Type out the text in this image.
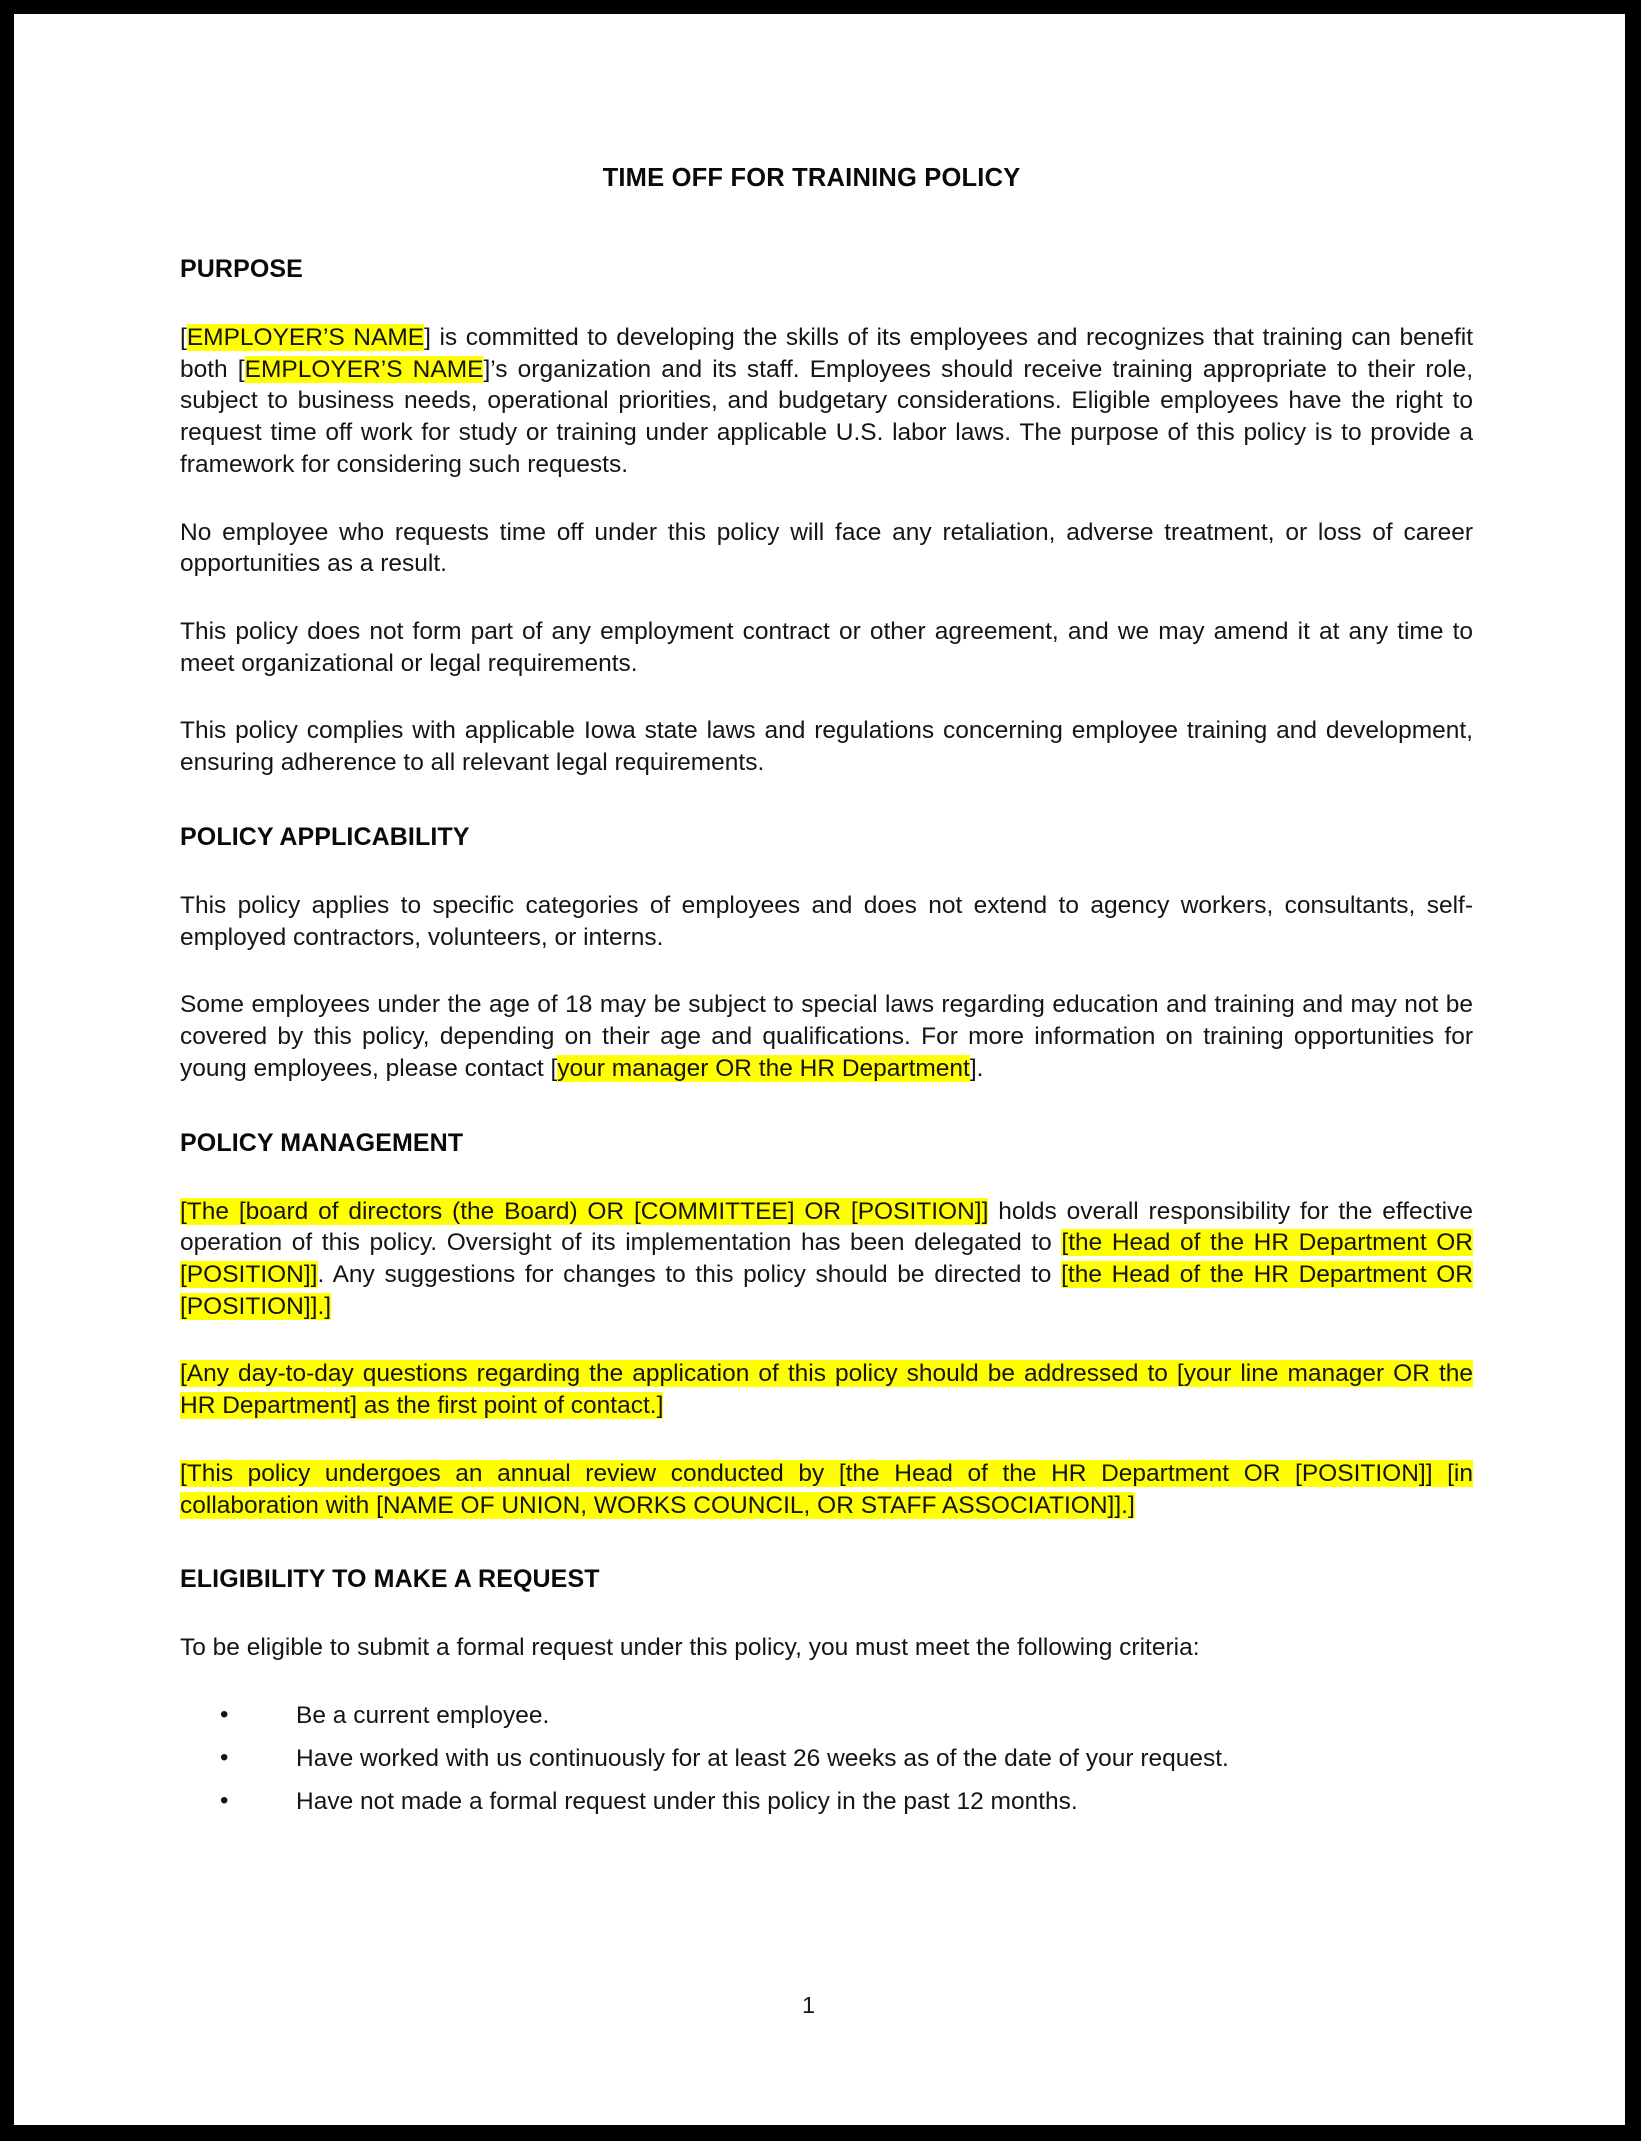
TIME OFF FOR TRAINING POLICY
PURPOSE

[EMPLOYER’S NAME] is committed to developing the skills of its employees and recognizes that training can benefit both [EMPLOYER’S NAME]’s organization and its staff. Employees should receive training appropriate to their role, subject to business needs, operational priorities, and budgetary considerations. Eligible employees have the right to request time off work for study or training under applicable U.S. labor laws. The purpose of this policy is to provide a framework for considering such requests.

No employee who requests time off under this policy will face any retaliation, adverse treatment, or loss of career opportunities as a result.

This policy does not form part of any employment contract or other agreement, and we may amend it at any time to meet organizational or legal requirements.

This policy complies with applicable Iowa state laws and regulations concerning employee training and development, ensuring adherence to all relevant legal requirements.

POLICY APPLICABILITY

This policy applies to specific categories of employees and does not extend to agency workers, consultants, self-employed contractors, volunteers, or interns.

Some employees under the age of 18 may be subject to special laws regarding education and training and may not be covered by this policy, depending on their age and qualifications. For more information on training opportunities for young employees, please contact [your manager OR the HR Department].

POLICY MANAGEMENT

[The [board of directors (the Board) OR [COMMITTEE] OR [POSITION]] holds overall responsibility for the effective operation of this policy. Oversight of its implementation has been delegated to [the Head of the HR Department OR [POSITION]]. Any suggestions for changes to this policy should be directed to [the Head of the HR Department OR [POSITION]].]

[Any day-to-day questions regarding the application of this policy should be addressed to [your line manager OR the HR Department] as the first point of contact.]

[This policy undergoes an annual review conducted by [the Head of the HR Department OR [POSITION]] [in collaboration with [NAME OF UNION, WORKS COUNCIL, OR STAFF ASSOCIATION]].]

ELIGIBILITY TO MAKE A REQUEST

To be eligible to submit a formal request under this policy, you must meet the following criteria:

• Be a current employee.
• Have worked with us continuously for at least 26 weeks as of the date of your request.
• Have not made a formal request under this policy in the past 12 months.
1
